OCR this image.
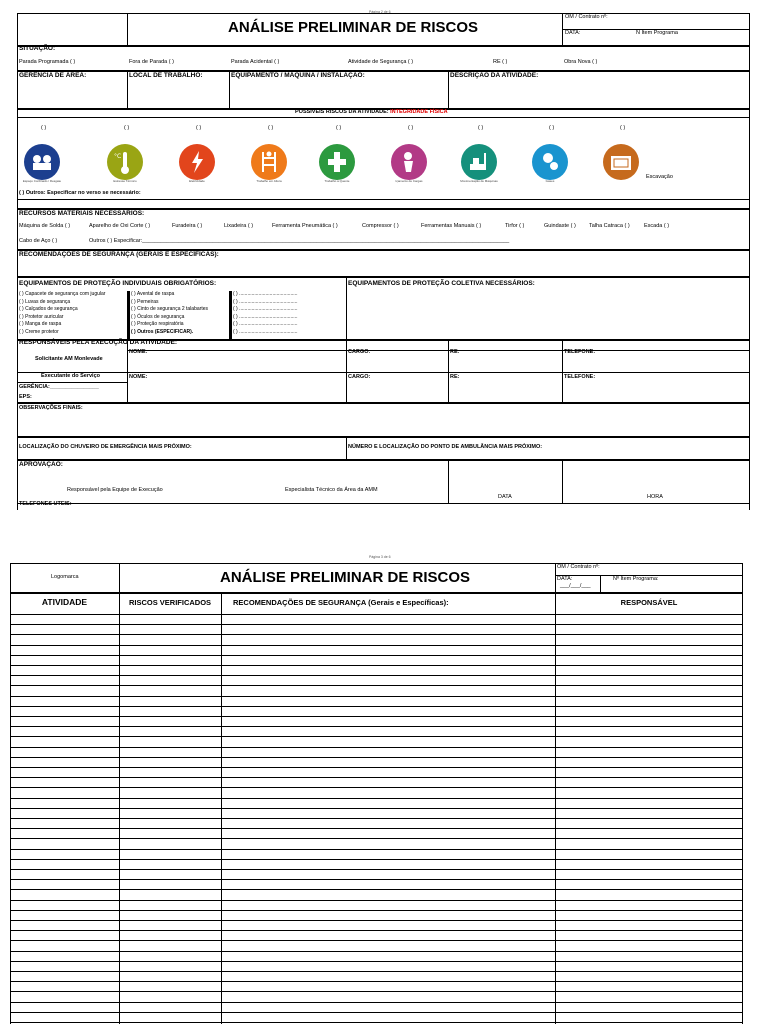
Página 2 de 6
ANÁLISE PRELIMINAR DE RISCOS
OM / Contrato nº:
DATA:	N Item Programa
SITUAÇÃO:
Parada Programada ( )	Fora de Parada ( )	Parada Acidental ( )	Atividade de Segurança ( )	RE ( )	Obra Nova ( )
GERÊNCIA DE ÁREA:	LOCAL DE TRABALHO:	EQUIPAMENTO / MÁQUINA / INSTALAÇÃO:	DESCRIÇÃO DA ATIVIDADE:
POSSÍVEIS RISCOS DA ATIVIDADE: INTEGRIDADE FÍSICA
( ) Outros: Especificar no verso se necessário:
( )
Espaço Confinado / Resgate
( )
°C
Estresse Térmico
( )
Eletricidade
( )
Trabalho em Altura
( )
Trabalho a Quente
( )
Içamento de Cargas
( )
Movimentação de Máquinas
( )
Gases
( )
Escavação
RECURSOS MATERIAIS NECESSÁRIOS:
Máquina de Solda ( )	Aparelho de Oxi Corte ( )	Furadeira ( )	Lixadeira ( )	Ferramenta Pneumática ( )	Compressor ( )	Ferramentas Manuais ( )	Tirfor ( )	Guindaste ( ) Talha Catraca ( )	Escada ( )
Cabo de Aço ( )	Outros ( ) Especificar:________________________________________________________________________________________________________________________
RECOMENDAÇÕES DE SEGURANÇA (GERAIS E ESPECÍFICAS):
EQUIPAMENTOS DE PROTEÇÃO INDIVIDUAIS OBRIGATÓRIOS:	EQUIPAMENTOS DE PROTEÇÃO COLETIVA NECESSÁRIOS:
( ) Capacete de segurança com jugular
( ) Luvas de segurança
( ) Calçados de segurança
( ) Protetor auricular
( ) Manga de raspa
( ) Creme protetor
( ) Avental de raspa
( ) Perneiras
( ) Cinto de segurança 2 talabartes
( ) Óculos de segurança
( ) Proteção respiratória
( ) Outros (ESPECIFICAR).
( ) ..........................................
( ) ..........................................
( ) ..........................................
( ) ..........................................
( ) ..........................................
( ) ..........................................
RESPONSÁVEIS PELA EXECUÇÃO DA ATIVIDADE:
Solicitante AM Monlevade
Executante do Serviço
NOME:	CARGO:	RE:	TELEFONE:
NOME:	CARGO:	RE:	TELEFONE:
GERÊNCIA:________________
EPS:
OBSERVAÇÕES FINAIS:
LOCALIZAÇÃO DO CHUVEIRO DE EMERGÊNCIA MAIS PRÓXIMO:	NÚMERO E LOCALIZAÇÃO DO PONTO DE AMBULÂNCIA MAIS PRÓXIMO:
APROVAÇÃO:
Responsável pela Equipe de Execução	Especialista Técnico da Área da AMM
DATA	HORA
TELEFONES ÚTEIS:
Página 3 de 6
Logomarca	ANÁLISE PRELIMINAR DE RISCOS
OM / Contrato nº:
DATA:
___/___/___
Nº Item Programa:
ATIVIDADE	RISCOS VERIFICADOS	RECOMENDAÇÕES DE SEGURANÇA (Gerais e Específicas):	RESPONSÁVEL
